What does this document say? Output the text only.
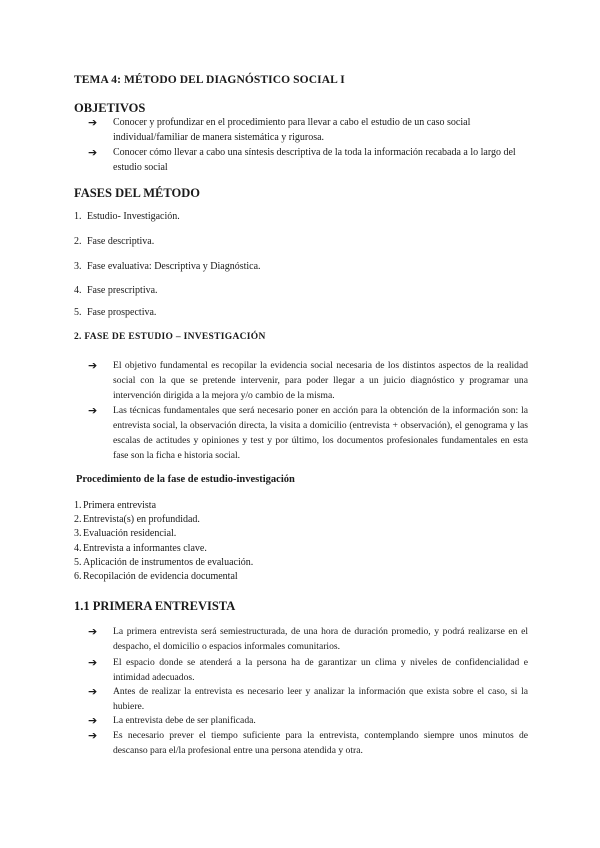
TEMA 4: MÉTODO DEL DIAGNÓSTICO SOCIAL I
OBJETIVOS
➔	Conocer y profundizar en el procedimiento para llevar a cabo el estudio de un caso social individual/familiar de manera sistemática y rigurosa.
➔	Conocer cómo llevar a cabo una síntesis descriptiva de la toda la información recabada a lo largo del estudio social
FASES DEL MÉTODO
1. Estudio- Investigación.
2. Fase descriptiva.
3. Fase evaluativa: Descriptiva y Diagnóstica.
4. Fase prescriptiva.
5. Fase prospectiva.
2. FASE DE ESTUDIO – INVESTIGACIÓN
➔	El objetivo fundamental es recopilar la evidencia social necesaria de los distintos aspectos de la realidad social con la que se pretende intervenir, para poder llegar a un juicio diagnóstico y programar una intervención dirigida a la mejora y/o cambio de la misma.
➔	Las técnicas fundamentales que será necesario poner en acción para la obtención de la información son: la entrevista social, la observación directa, la visita a domicilio (entrevista + observación), el genograma y las escalas de actitudes y opiniones y test y por último, los documentos profesionales fundamentales en esta fase son la ficha e historia social.
Procedimiento de la fase de estudio-investigación
1. Primera entrevista
2. Entrevista(s) en profundidad.
3. Evaluación residencial.
4. Entrevista a informantes clave.
5. Aplicación de instrumentos de evaluación.
6. Recopilación de evidencia documental
1.1 PRIMERA ENTREVISTA
➔	La primera entrevista será semiestructurada, de una hora de duración promedio, y podrá realizarse en el despacho, el domicilio o espacios informales comunitarios.
➔	El espacio donde se atenderá a la persona ha de garantizar un clima y niveles de confidencialidad e intimidad adecuados.
➔	Antes de realizar la entrevista es necesario leer y analizar la información que exista sobre el caso, si la hubiere.
➔	La entrevista debe de ser planificada.
➔	Es necesario prever el tiempo suficiente para la entrevista, contemplando siempre unos minutos de descanso para el/la profesional entre una persona atendida y otra.
